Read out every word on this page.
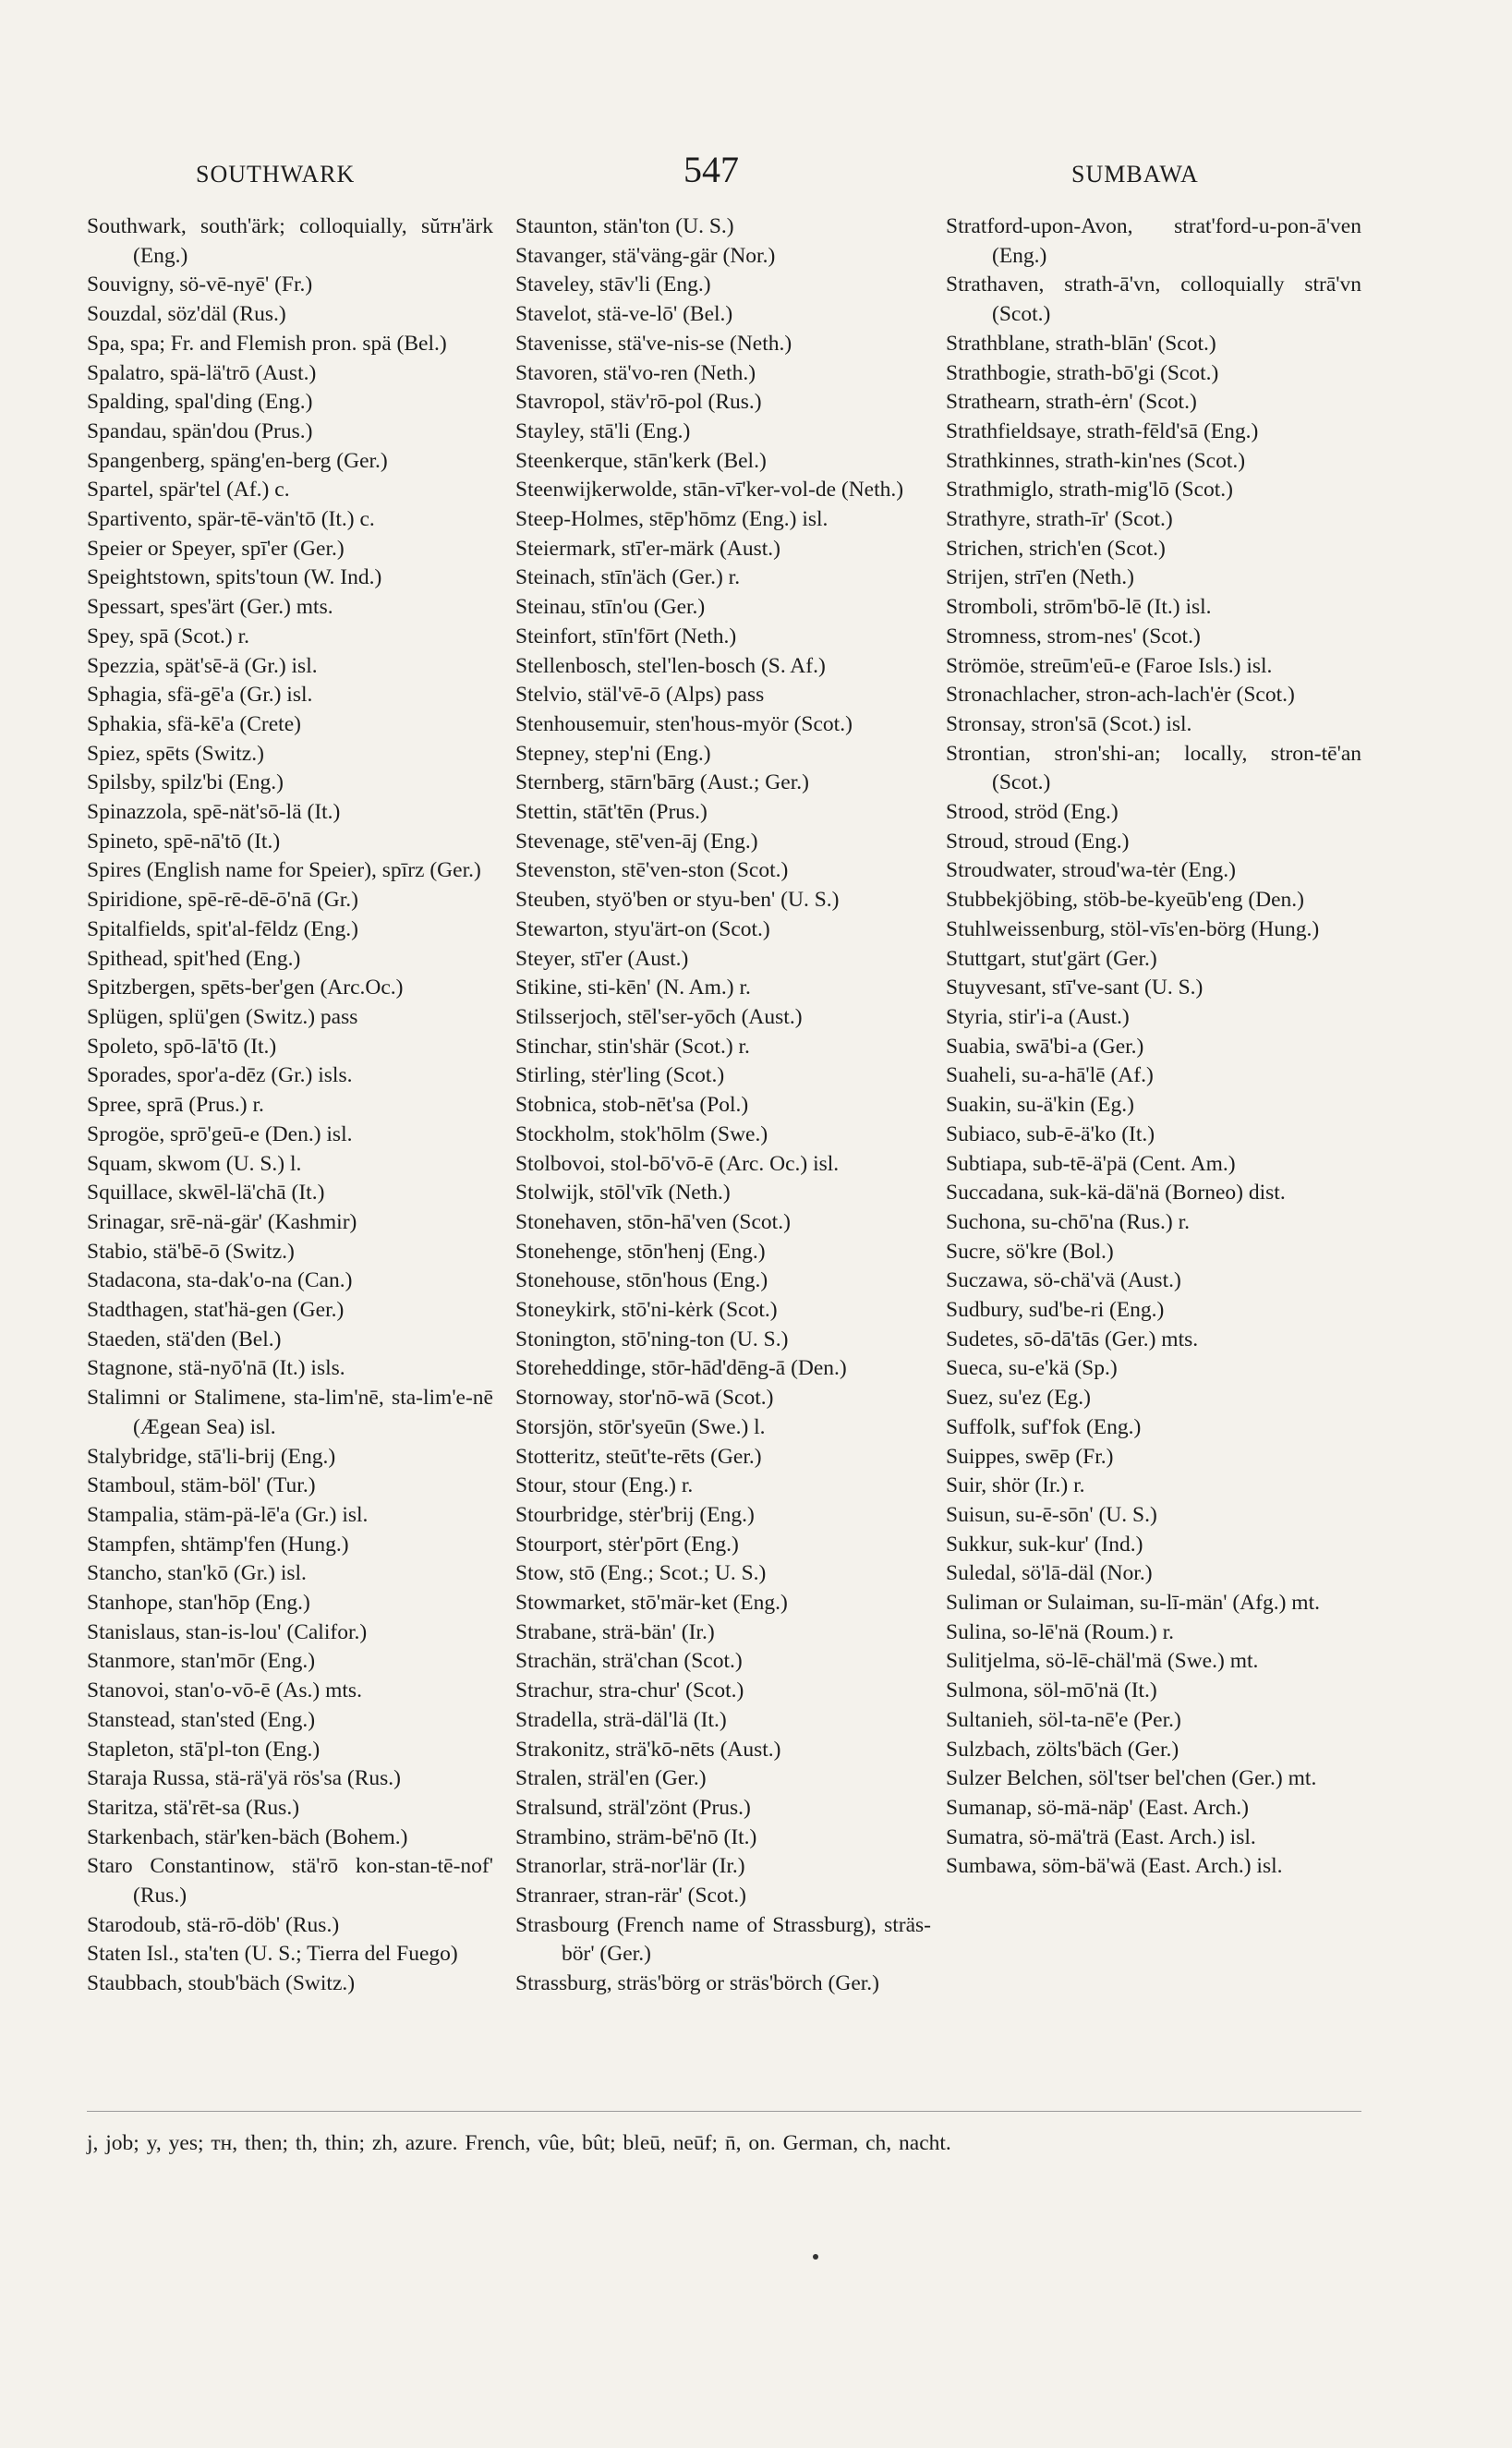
SOUTHWARK	547	SUMBAWA
Southwark, south'ärk; colloquially, sŭᴛʜ'ärk (Eng.)
Souvigny, sö-vē-nyē' (Fr.)
Souzdal, söz'däl (Rus.)
Spa, spa; Fr. and Flemish pron. spä (Bel.)
Spalatro, spä-lä'trō (Aust.)
Spalding, spal'ding (Eng.)
Spandau, spän'dou (Prus.)
Spangenberg, späng'en-berg (Ger.)
Spartel, spär'tel (Af.) c.
Spartivento, spär-tē-vän'tō (It.) c.
Speier or Speyer, spī'er (Ger.)
Speightstown, spits'toun (W. Ind.)
Spessart, spes'ärt (Ger.) mts.
Spey, spā (Scot.) r.
Spezzia, spät'sē-ä (Gr.) isl.
Sphagia, sfä-gē'a (Gr.) isl.
Sphakia, sfä-kē'a (Crete)
Spiez, spēts (Switz.)
Spilsby, spilz'bi (Eng.)
Spinazzola, spē-nät'sō-lä (It.)
Spineto, spē-nā'tō (It.)
Spires (English name for Speier), spīrz (Ger.)
Spiridione, spē-rē-dē-ō'nā (Gr.)
Spitalfields, spit'al-fēldz (Eng.)
Spithead, spit'hed (Eng.)
Spitzbergen, spēts-ber'gen (Arc.Oc.)
Splügen, splü'gen (Switz.) pass
Spoleto, spō-lā'tō (It.)
Sporades, spor'a-dēz (Gr.) isls.
Spree, sprā (Prus.) r.
Sprogöe, sprō'geū-e (Den.) isl.
Squam, skwom (U. S.) l.
Squillace, skwēl-lä'chā (It.)
Srinagar, srē-nä-gär' (Kashmir)
Stabio, stä'bē-ō (Switz.)
Stadacona, sta-dak'o-na (Can.)
Stadthagen, stat'hä-gen (Ger.)
Staeden, stä'den (Bel.)
Stagnone, stä-nyō'nā (It.) isls.
Stalimni or Stalimene, sta-lim'nē, sta-lim'e-nē (Ægean Sea) isl.
Stalybridge, stā'li-brij (Eng.)
Stamboul, stäm-böl' (Tur.)
Stampalia, stäm-pä-lē'a (Gr.) isl.
Stampfen, shtämp'fen (Hung.)
Stancho, stan'kō (Gr.) isl.
Stanhope, stan'hōp (Eng.)
Stanislaus, stan-is-lou' (Califor.)
Stanmore, stan'mōr (Eng.)
Stanovoi, stan'o-vō-ē (As.) mts.
Stanstead, stan'sted (Eng.)
Stapleton, stā'pl-ton (Eng.)
Staraja Russa, stä-rä'yä rös'sa (Rus.)
Staritza, stä'rēt-sa (Rus.)
Starkenbach, stär'ken-bäch (Bohem.)
Staro Constantinow, stä'rō kon-stan-tē-nof' (Rus.)
Starodoub, stä-rō-döb' (Rus.)
Staten Isl., sta'ten (U. S.; Tierra del Fuego)
Staubbach, stoub'bäch (Switz.)
Staunton, stän'ton (U. S.)
Stavanger, stä'väng-gär (Nor.)
Staveley, stāv'li (Eng.)
Stavelot, stä-ve-lō' (Bel.)
Stavenisse, stä've-nis-se (Neth.)
Stavoren, stä'vo-ren (Neth.)
Stavropol, stäv'rō-pol (Rus.)
Stayley, stā'li (Eng.)
Steenkerque, stān'kerk (Bel.)
Steenwijkerwolde, stān-vī'ker-vol-de (Neth.)
Steep-Holmes, stēp'hōmz (Eng.) isl.
Steiermark, stī'er-märk (Aust.)
Steinach, stīn'äch (Ger.) r.
Steinau, stīn'ou (Ger.)
Steinfort, stīn'fōrt (Neth.)
Stellenbosch, stel'len-bosch (S. Af.)
Stelvio, stäl'vē-ō (Alps) pass
Stenhousemuir, sten'hous-myör (Scot.)
Stepney, step'ni (Eng.)
Sternberg, stārn'bārg (Aust.; Ger.)
Stettin, stāt'tēn (Prus.)
Stevenage, stē'ven-āj (Eng.)
Stevenston, stē'ven-ston (Scot.)
Steuben, styö'ben or styu-ben' (U. S.)
Stewarton, styu'ärt-on (Scot.)
Steyer, stī'er (Aust.)
Stikine, sti-kēn' (N. Am.) r.
Stilsserjoch, stēl'ser-yōch (Aust.)
Stinchar, stin'shär (Scot.) r.
Stirling, stėr'ling (Scot.)
Stobnica, stob-nēt'sa (Pol.)
Stockholm, stok'hōlm (Swe.)
Stolbovoi, stol-bō'vō-ē (Arc. Oc.) isl.
Stolwijk, stōl'vīk (Neth.)
Stonehaven, stōn-hā'ven (Scot.)
Stonehenge, stōn'henj (Eng.)
Stonehouse, stōn'hous (Eng.)
Stoneykirk, stō'ni-kėrk (Scot.)
Stonington, stō'ning-ton (U. S.)
Storeheddinge, stōr-hād'dēng-ā (Den.)
Stornoway, stor'nō-wā (Scot.)
Storsjön, stōr'syeūn (Swe.) l.
Stotteritz, steūt'te-rēts (Ger.)
Stour, stour (Eng.) r.
Stourbridge, stėr'brij (Eng.)
Stourport, stėr'pōrt (Eng.)
Stow, stō (Eng.; Scot.; U. S.)
Stowmarket, stō'mär-ket (Eng.)
Strabane, strä-bän' (Ir.)
Strachän, strä'chan (Scot.)
Strachur, stra-chur' (Scot.)
Stradella, strä-däl'lä (It.)
Strakonitz, strä'kō-nēts (Aust.)
Stralen, sträl'en (Ger.)
Stralsund, sträl'zönt (Prus.)
Strambino, sträm-bē'nō (It.)
Stranorlar, strä-nor'lär (Ir.)
Stranraer, stran-rär' (Scot.)
Strasbourg (French name of Strassburg), sträs-bör' (Ger.)
Strassburg, sträs'börg or sträs'börch (Ger.)
Stratford-upon-Avon, strat'ford-u-pon-ā'ven (Eng.)
Strathaven, strath-ā'vn, colloquially strā'vn (Scot.)
Strathblane, strath-blān' (Scot.)
Strathbogie, strath-bō'gi (Scot.)
Strathearn, strath-ėrn' (Scot.)
Strathfieldsaye, strath-fēld'sā (Eng.)
Strathkinnes, strath-kin'nes (Scot.)
Strathmiglo, strath-mig'lō (Scot.)
Strathyre, strath-īr' (Scot.)
Strichen, strich'en (Scot.)
Strijen, strī'en (Neth.)
Stromboli, strōm'bō-lē (It.) isl.
Stromness, strom-nes' (Scot.)
Strömöe, streūm'eū-e (Faroe Isls.) isl.
Stronachlacher, stron-ach-lach'ėr (Scot.)
Stronsay, stron'sā (Scot.) isl.
Strontian, stron'shi-an; locally, stron-tē'an (Scot.)
Strood, ströd (Eng.)
Stroud, stroud (Eng.)
Stroudwater, stroud'wa-tėr (Eng.)
Stubbekjöbing, stöb-be-kyeūb'eng (Den.)
Stuhlweissenburg, stöl-vīs'en-börg (Hung.)
Stuttgart, stut'gärt (Ger.)
Stuyvesant, stī've-sant (U. S.)
Styria, stir'i-a (Aust.)
Suabia, swā'bi-a (Ger.)
Suaheli, su-a-hā'lē (Af.)
Suakin, su-ä'kin (Eg.)
Subiaco, sub-ē-ä'ko (It.)
Subtiapa, sub-tē-ä'pä (Cent. Am.)
Succadana, suk-kä-dä'nä (Borneo) dist.
Suchona, su-chō'na (Rus.) r.
Sucre, sö'kre (Bol.)
Suczawa, sö-chä'vä (Aust.)
Sudbury, sud'be-ri (Eng.)
Sudetes, sō-dā'tās (Ger.) mts.
Sueca, su-e'kä (Sp.)
Suez, su'ez (Eg.)
Suffolk, suf'fok (Eng.)
Suippes, swēp (Fr.)
Suir, shör (Ir.) r.
Suisun, su-ē-sōn' (U. S.)
Sukkur, suk-kur' (Ind.)
Suledal, sö'lā-däl (Nor.)
Suliman or Sulaiman, su-lī-män' (Afg.) mt.
Sulina, so-lē'nä (Roum.) r.
Sulitjelma, sö-lē-chäl'mä (Swe.) mt.
Sulmona, söl-mō'nä (It.)
Sultanieh, söl-ta-nē'e (Per.)
Sulzbach, zölts'bäch (Ger.)
Sulzer Belchen, söl'tser bel'chen (Ger.) mt.
Sumanap, sö-mä-näp' (East. Arch.)
Sumatra, sö-mä'trä (East. Arch.) isl.
Sumbawa, söm-bä'wä (East. Arch.) isl.
j, job; y, yes; ᴛʜ, then; th, thin; zh, azure. French, vûe, bût; bleū, neūf; n̄, on. German, ch, nacht.
